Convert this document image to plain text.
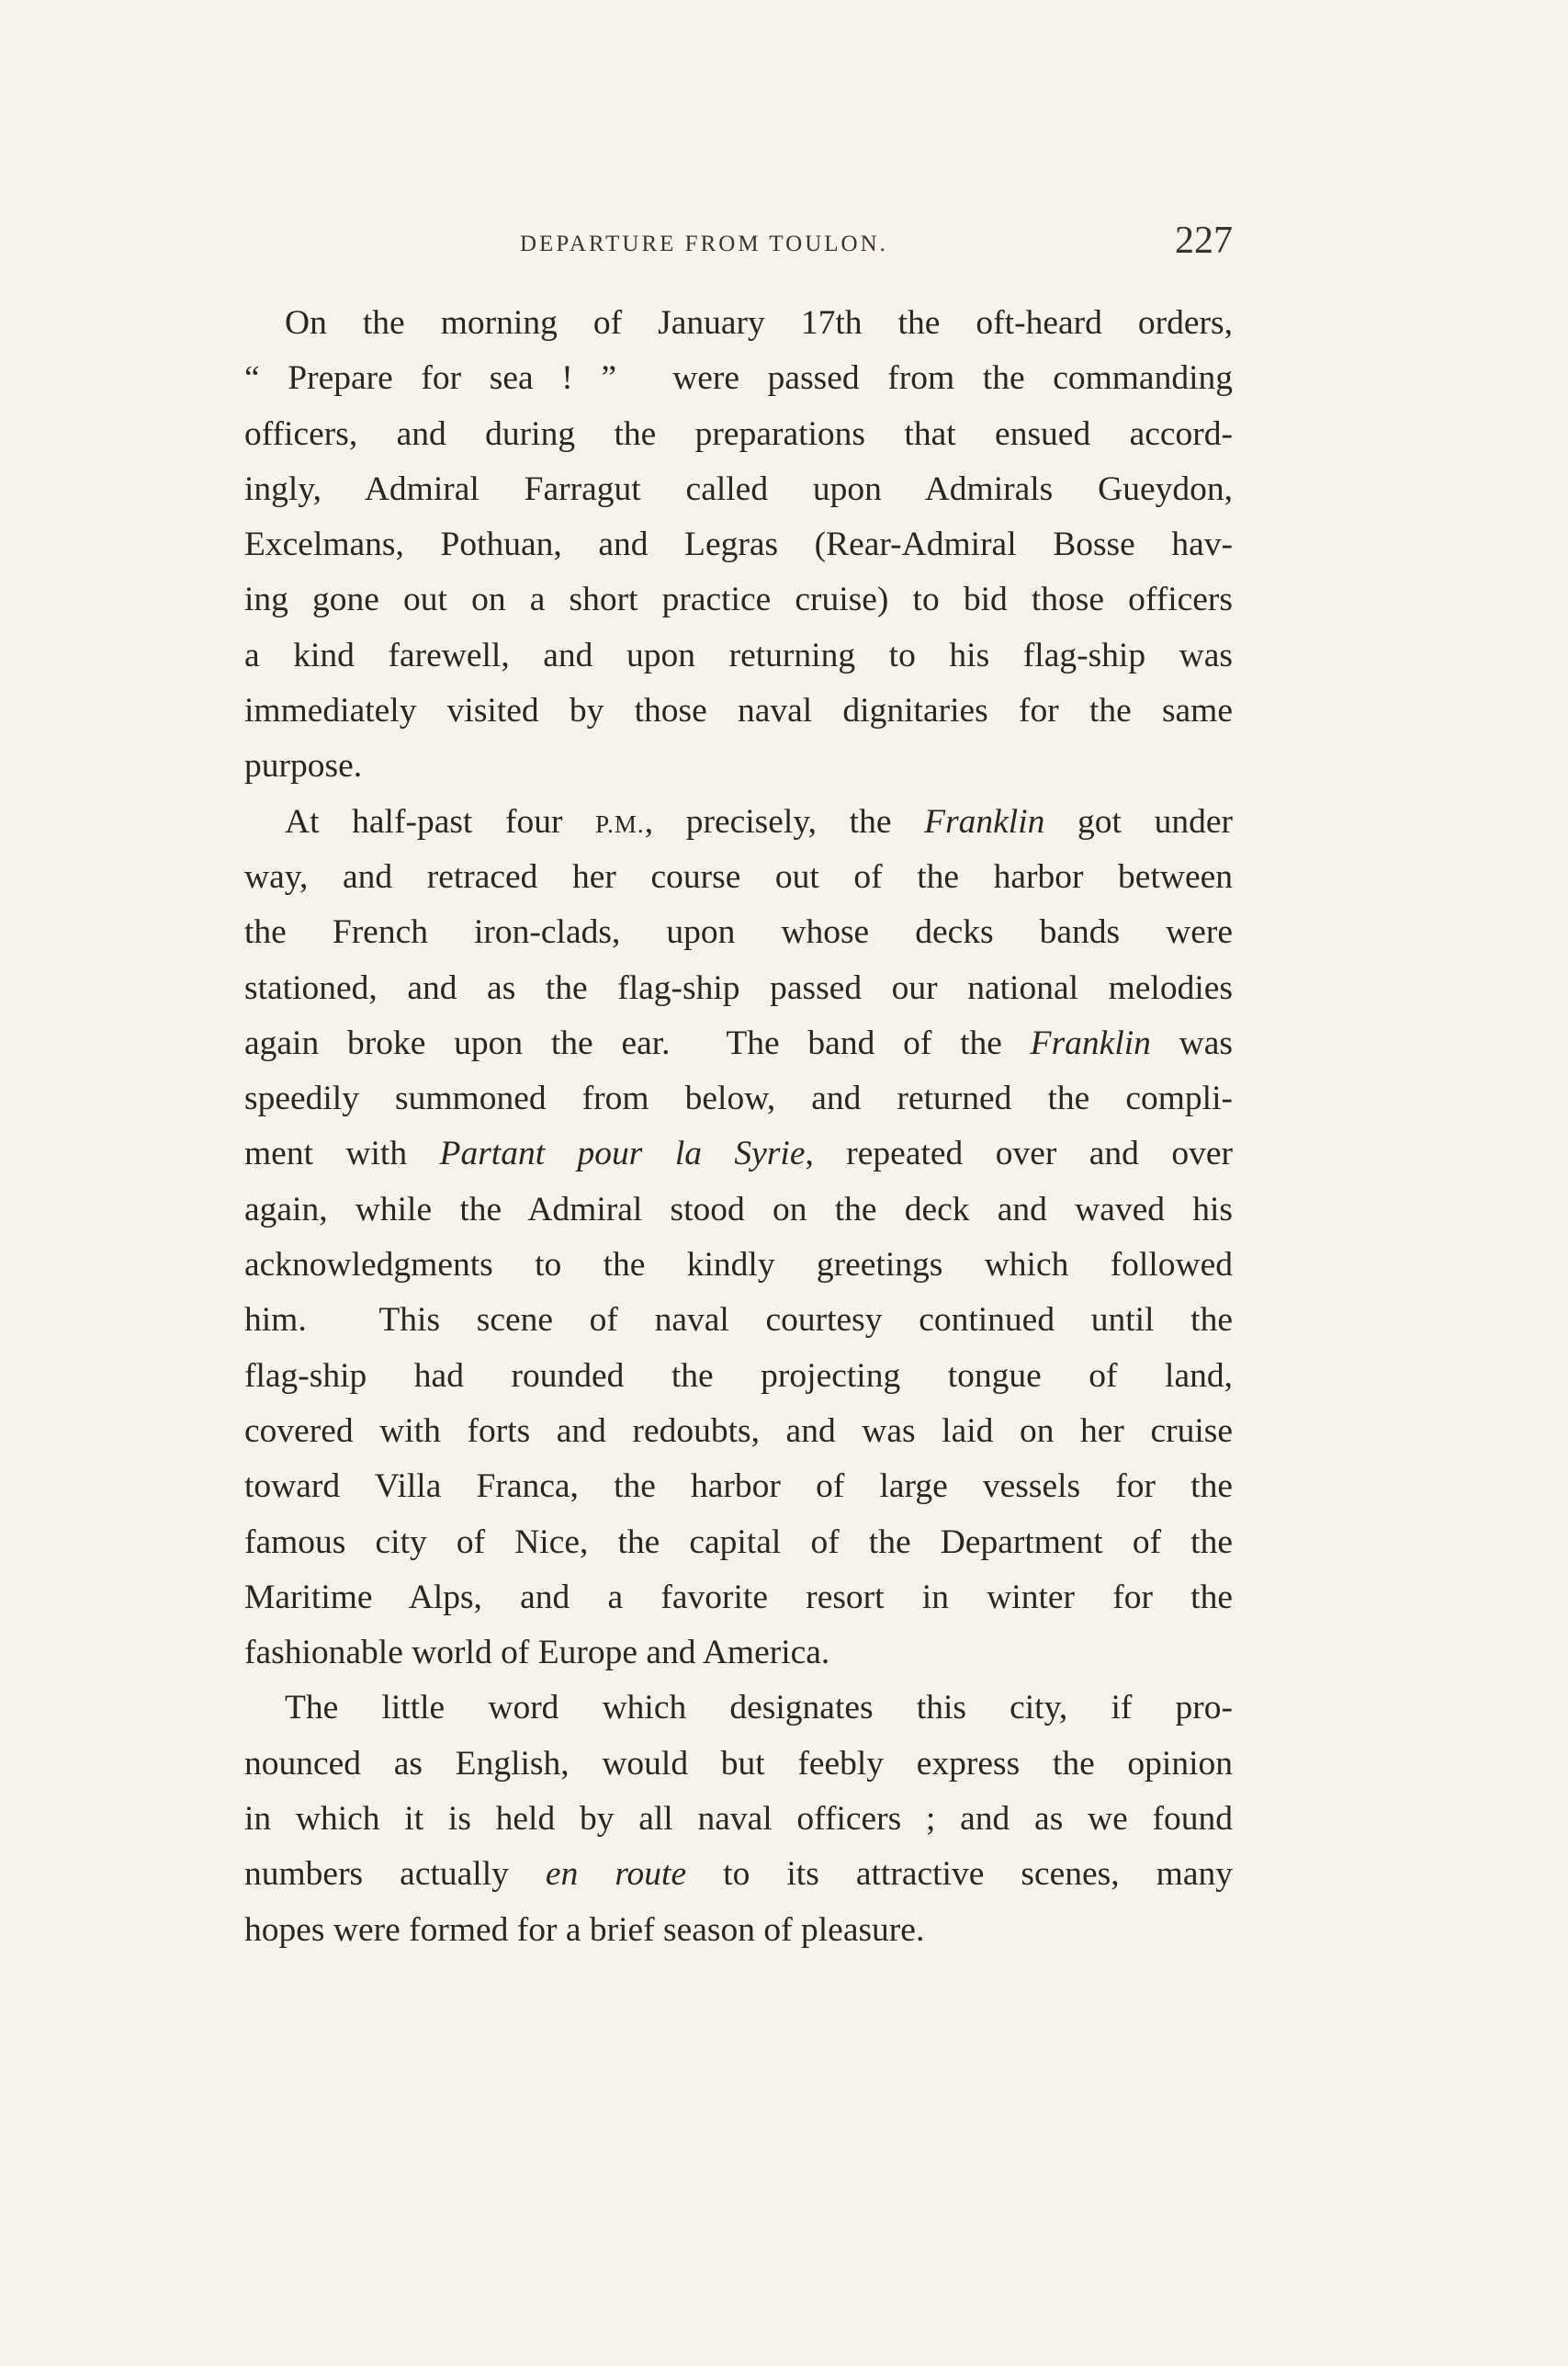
DEPARTURE FROM TOULON.	227
On the morning of January 17th the oft-heard orders,
“ Prepare for sea ! ”  were passed from the commanding
officers, and during the preparations that ensued accord-
ingly, Admiral Farragut called upon Admirals Gueydon,
Excelmans, Pothuan, and Legras (Rear-Admiral Bosse hav-
ing gone out on a short practice cruise) to bid those officers
a kind farewell, and upon returning to his flag-ship was
immediately visited by those naval dignitaries for the same
purpose.
At half-past four P.M., precisely, the Franklin got under
way, and retraced her course out of the harbor between
the French iron-clads, upon whose decks bands were
stationed, and as the flag-ship passed our national melodies
again broke upon the ear.  The band of the Franklin was
speedily summoned from below, and returned the compli-
ment with Partant pour la Syrie, repeated over and over
again, while the Admiral stood on the deck and waved his
acknowledgments to the kindly greetings which followed
him.  This scene of naval courtesy continued until the
flag-ship had rounded the projecting tongue of land,
covered with forts and redoubts, and was laid on her cruise
toward Villa Franca, the harbor of large vessels for the
famous city of Nice, the capital of the Department of the
Maritime Alps, and a favorite resort in winter for the
fashionable world of Europe and America.
The little word which designates this city, if pro-
nounced as English, would but feebly express the opinion
in which it is held by all naval officers ; and as we found
numbers actually en route to its attractive scenes, many
hopes were formed for a brief season of pleasure.
